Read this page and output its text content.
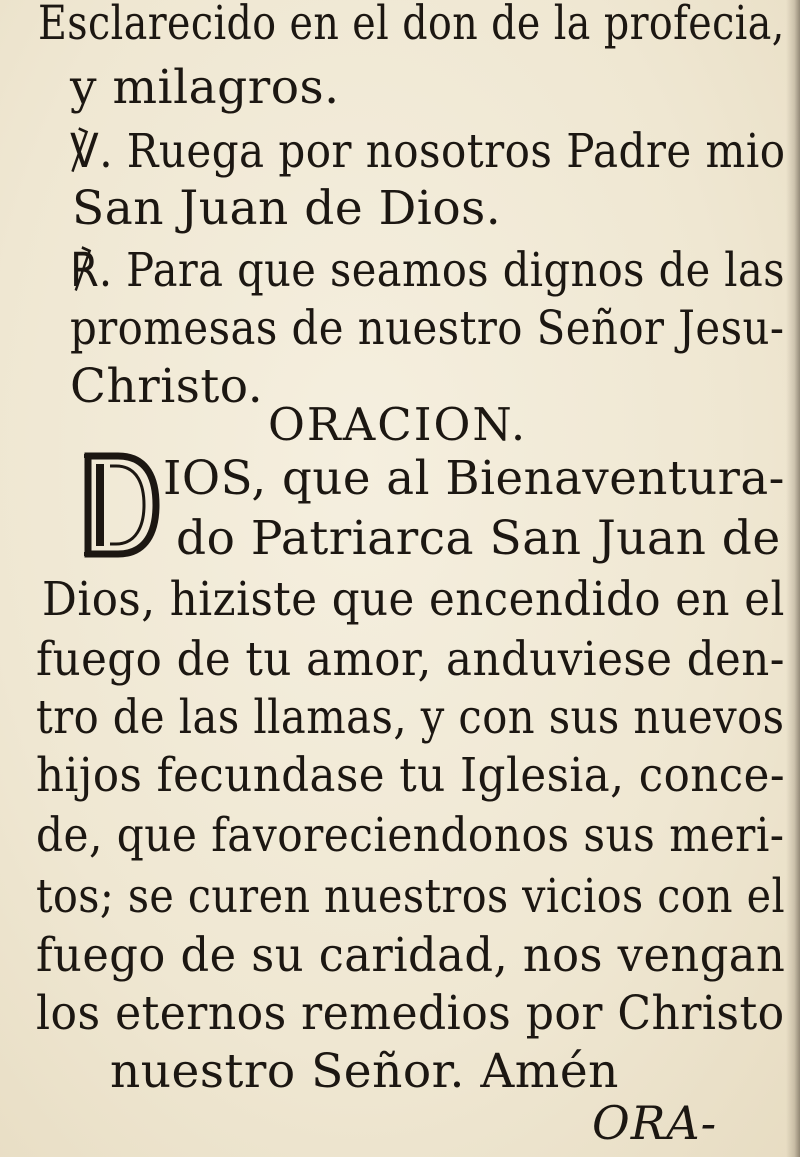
Esclarecido en el don de la profecia,
y milagros.
℣. Ruega por nosotros Padre mio
San Juan de Dios.
℟. Para que seamos dignos de las
promesas de nuestro Señor Jesu-
Christo.
ORACION.
IOS, que al Bienaventura-
do Patriarca San Juan de
Dios, hiziste que encendido en el
fuego de tu amor, anduviese den-
tro de las llamas, y con sus nuevos
hijos fecundase tu Iglesia, conce-
de, que favoreciendonos sus meri-
tos; se curen nuestros vicios con el
fuego de su caridad, nos vengan
los eternos remedios por Christo
nuestro Señor. Amén
ORA-
